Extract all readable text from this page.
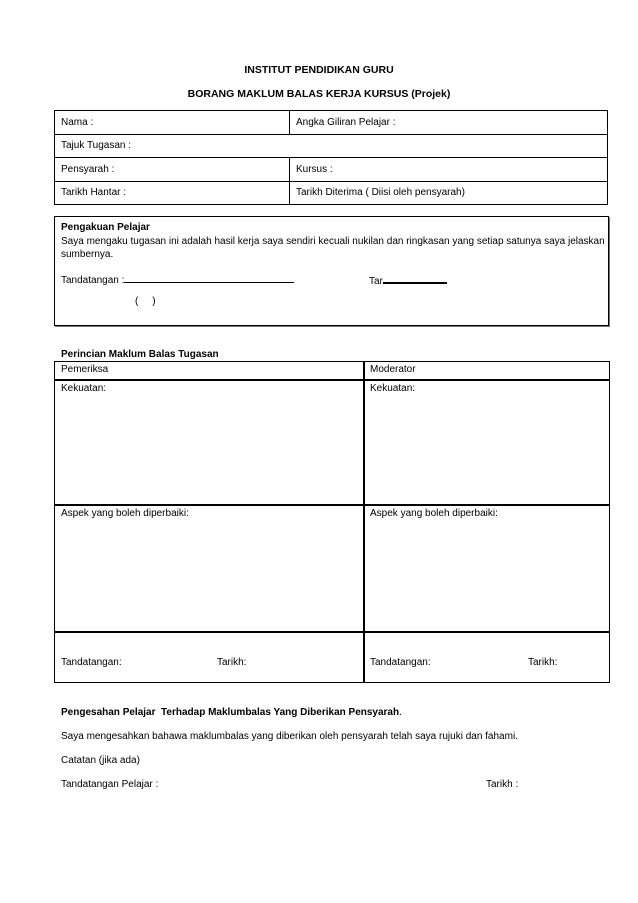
INSTITUT PENDIDIKAN GURU
BORANG MAKLUM BALAS KERJA KURSUS (Projek)
Nama :	Angka Giliran Pelajar :
Tajuk Tugasan :	
Pensyarah :	Kursus :
Tarikh Hantar :	Tarikh Diterima ( Diisi oleh pensyarah)
Pengakuan Pelajar
Saya mengaku tugasan ini adalah hasil kerja saya sendiri kecuali nukilan dan ringkasan yang setiap satunya saya jelaskan sumbernya.
Tandatangan :	Tar
(     )
Perincian Maklum Balas Tugasan
Pemeriksa	Moderator
Kekuatan:	Kekuatan:
Aspek yang boleh diperbaiki:	Aspek yang boleh diperbaiki:
Tandatangan:	Tarikh:	Tandatangan:	Tarikh:
Pengesahan Pelajar  Terhadap Maklumbalas Yang Diberikan Pensyarah.
Saya mengesahkan bahawa maklumbalas yang diberikan oleh pensyarah telah saya rujuki dan fahami.
Catatan (jika ada)
Tandatangan Pelajar :	Tarikh :
